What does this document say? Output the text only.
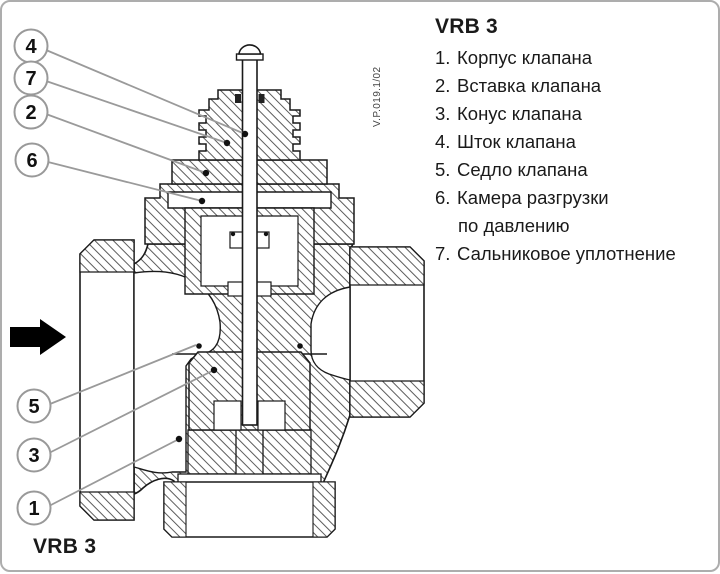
4
7
2
6
5
3
1
V.P.019.1/02
VRB 3
1. Корпус клапана
2. Вставка клапана
3. Конус клапана
4. Шток клапана
5. Седло клапана
6. Камера разгрузки
по давлению
7. Сальниковое уплотнение
VRB 3
